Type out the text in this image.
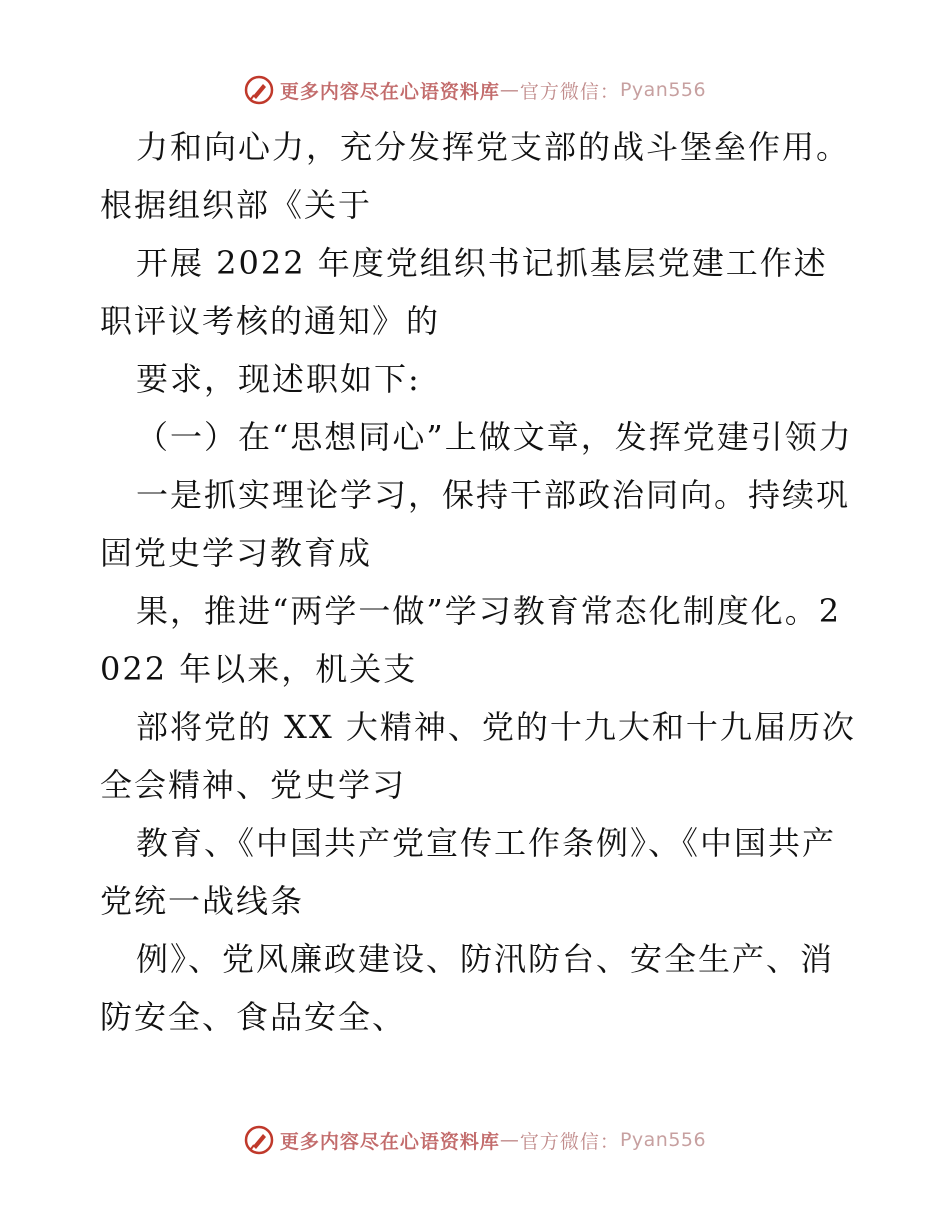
更多内容尽在心语资料库 — 官方微信： Pyan556

力和向心力，充分发挥党支部的战斗堡垒作用。根据组织部《关于

开展 2022 年度党组织书记抓基层党建工作述职评议考核的通知》的

要求，现述职如下:

（一）在“思想同心”上做文章，发挥党建引领力

一是抓实理论学习，保持干部政治同向。持续巩固党史学习教育成

果，推进“两学一做”学习教育常态化制度化。2022 年以来，机关支

部将党的 XX 大精神、党的十九大和十九届历次全会精神、党史学习

教育、《中国共产党宣传工作条例》、《中国共产党统一战线条

例》、党风廉政建设、防汛防台、安全生产、消防安全、食品安全、

更多内容尽在心语资料库 — 官方微信： Pyan556
